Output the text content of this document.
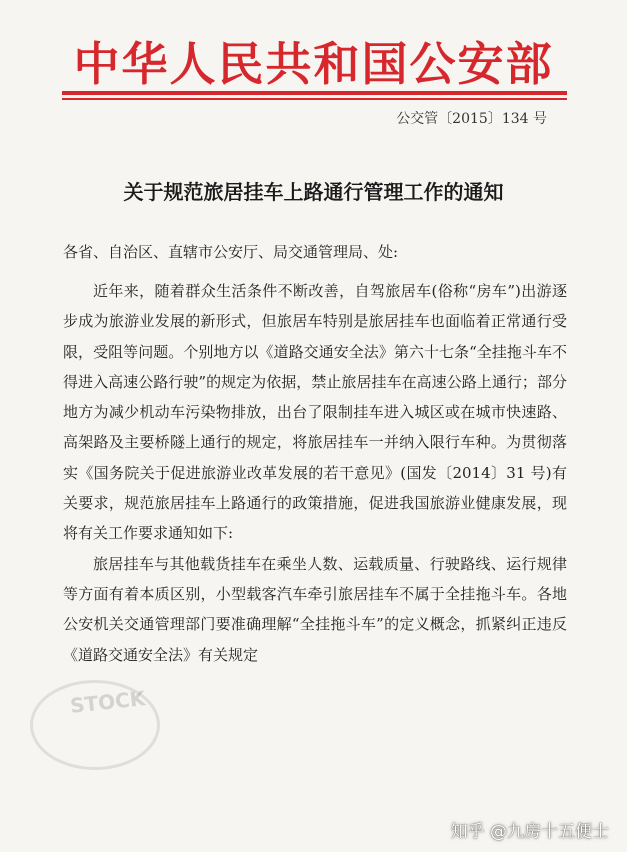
中华人民共和国公安部
公交管〔2015〕134 号
关于规范旅居挂车上路通行管理工作的通知
各省、自治区、直辖市公安厅、局交通管理局、处:

近年来，随着群众生活条件不断改善，自驾旅居车(俗称“房车”)出游逐步成为旅游业发展的新形式，但旅居车特别是旅居挂车也面临着正常通行受限，受阻等问题。个别地方以《道路交通安全法》第六十七条“全挂拖斗车不得进入高速公路行驶”的规定为依据，禁止旅居挂车在高速公路上通行；部分地方为减少机动车污染物排放，出台了限制挂车进入城区或在城市快速路、高架路及主要桥隧上通行的规定，将旅居挂车一并纳入限行车种。为贯彻落实《国务院关于促进旅游业改革发展的若干意见》(国发〔2014〕31 号)有关要求，规范旅居挂车上路通行的政策措施，促进我国旅游业健康发展，现将有关工作要求通知如下:

旅居挂车与其他载货挂车在乘坐人数、运载质量、行驶路线、运行规律等方面有着本质区别，小型载客汽车牵引旅居挂车不属于全挂拖斗车。各地公安机关交通管理部门要准确理解“全挂拖斗车”的定义概念，抓紧纠正违反《道路交通安全法》有关规定

STOCK
知乎 @九房十五便士
